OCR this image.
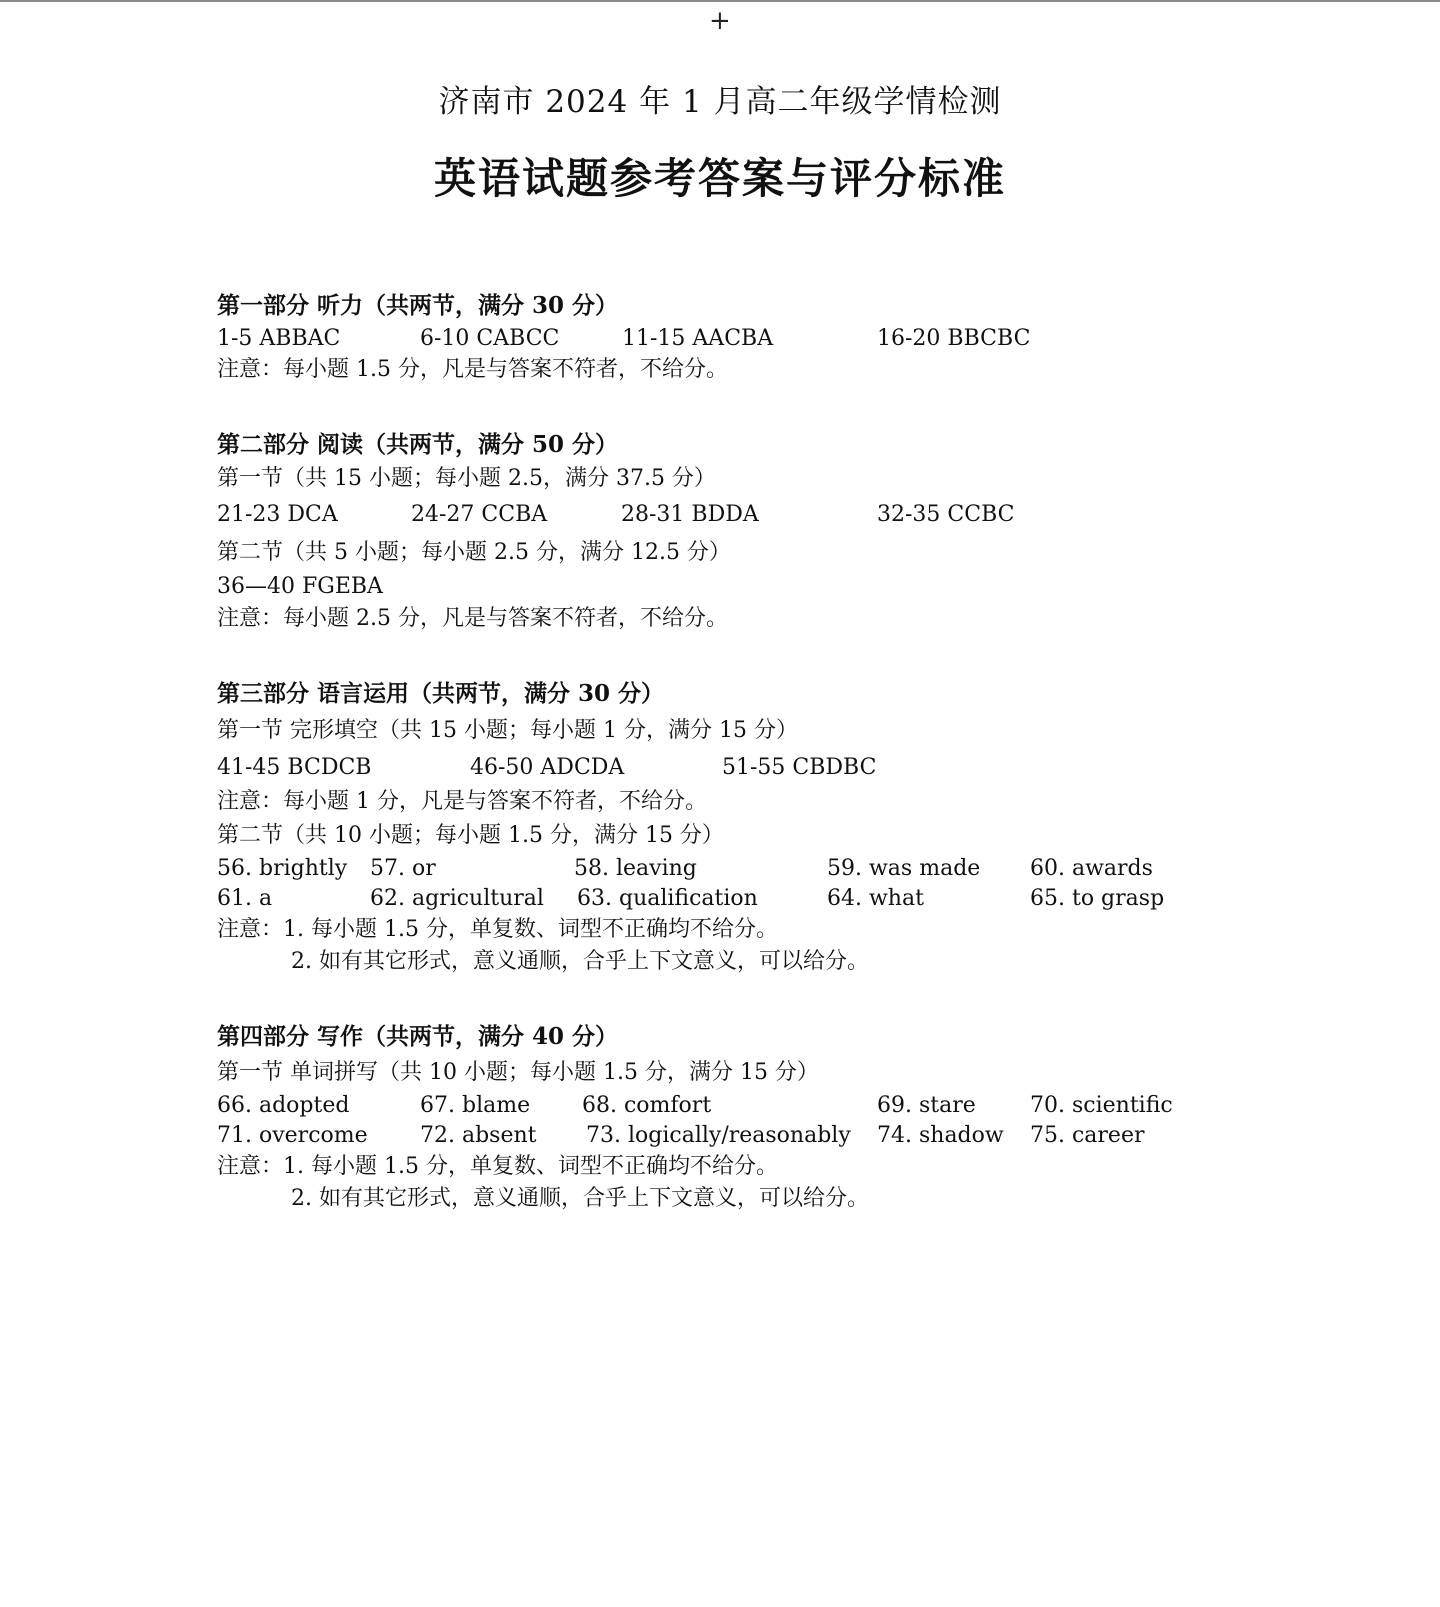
+
济南市 2024 年 1 月高二年级学情检测
英语试题参考答案与评分标准
第一部分 听力（共两节，满分 30 分）
1-5 ABBAC	6-10 CABCC	11-15 AACBA	16-20 BBCBC
注意：每小题 1.5 分，凡是与答案不符者，不给分。
第二部分 阅读（共两节，满分 50 分）
第一节（共 15 小题；每小题 2.5，满分 37.5 分）
21-23 DCA	24-27 CCBA	28-31 BDDA	32-35 CCBC
第二节（共 5 小题；每小题 2.5 分，满分 12.5 分）
36—40 FGEBA
注意：每小题 2.5 分，凡是与答案不符者，不给分。
第三部分 语言运用（共两节，满分 30 分）
第一节 完形填空（共 15 小题；每小题 1 分，满分 15 分）
41-45 BCDCB	46-50 ADCDA	51-55 CBDBC
注意：每小题 1 分，凡是与答案不符者，不给分。
第二节（共 10 小题；每小题 1.5 分，满分 15 分）
56. brightly 57. or	58. leaving	59. was made 60. awards
61. a	62. agricultural 63. qualification	64. what	65. to grasp
注意：1. 每小题 1.5 分，单复数、词型不正确均不给分。
2. 如有其它形式，意义通顺，合乎上下文意义，可以给分。
第四部分 写作（共两节，满分 40 分）
第一节 单词拼写（共 10 小题；每小题 1.5 分，满分 15 分）
66. adopted	67. blame 68. comfort	69. stare 70. scientific
71. overcome 72. absent 73. logically/reasonably 74. shadow 75. career
注意：1. 每小题 1.5 分，单复数、词型不正确均不给分。
2. 如有其它形式，意义通顺，合乎上下文意义，可以给分。
